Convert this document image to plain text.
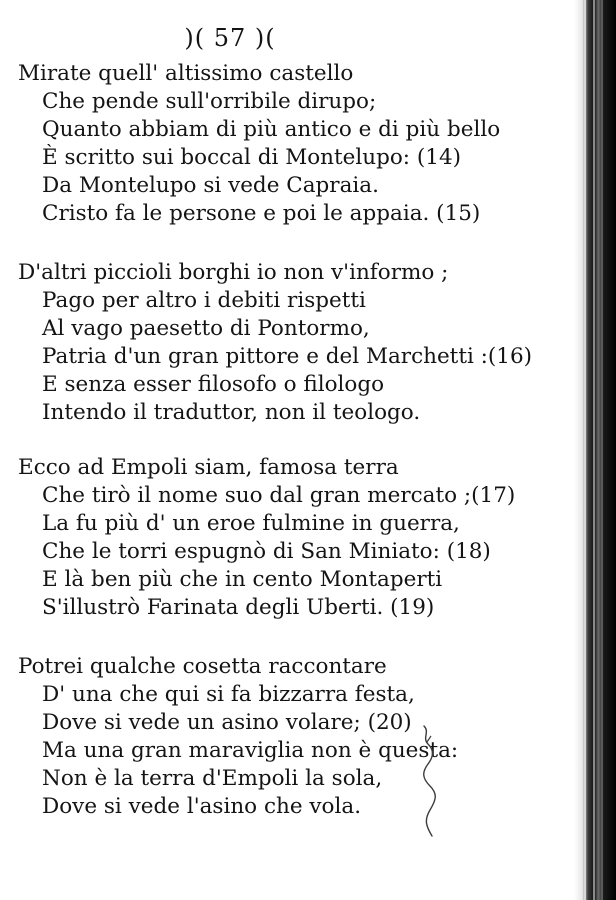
)( 57 )(
Mirate quell' altissimo castello
Che pende sull'orribile dirupo;
Quanto abbiam di più antico e di più bello
È scritto sui boccal di Montelupo: (14)
Da Montelupo si vede Capraia.
Cristo fa le persone e poi le appaia. (15)
D'altri piccioli borghi io non v'informo ;
Pago per altro i debiti rispetti
Al vago paesetto di Pontormo,
Patria d'un gran pittore e del Marchetti :(16)
E senza esser filosofo o filologo
Intendo il traduttor, non il teologo.
Ecco ad Empoli siam, famosa terra
Che tirò il nome suo dal gran mercato ;(17)
La fu più d' un eroe fulmine in guerra,
Che le torri espugnò di San Miniato: (18)
E là ben più che in cento Montaperti
S'illustrò Farinata degli Uberti. (19)
Potrei qualche cosetta raccontare
D' una che qui si fa bizzarra festa,
Dove si vede un asino volare; (20)
Ma una gran maraviglia non è questa:
Non è la terra d'Empoli la sola,
Dove si vede l'asino che vola.
